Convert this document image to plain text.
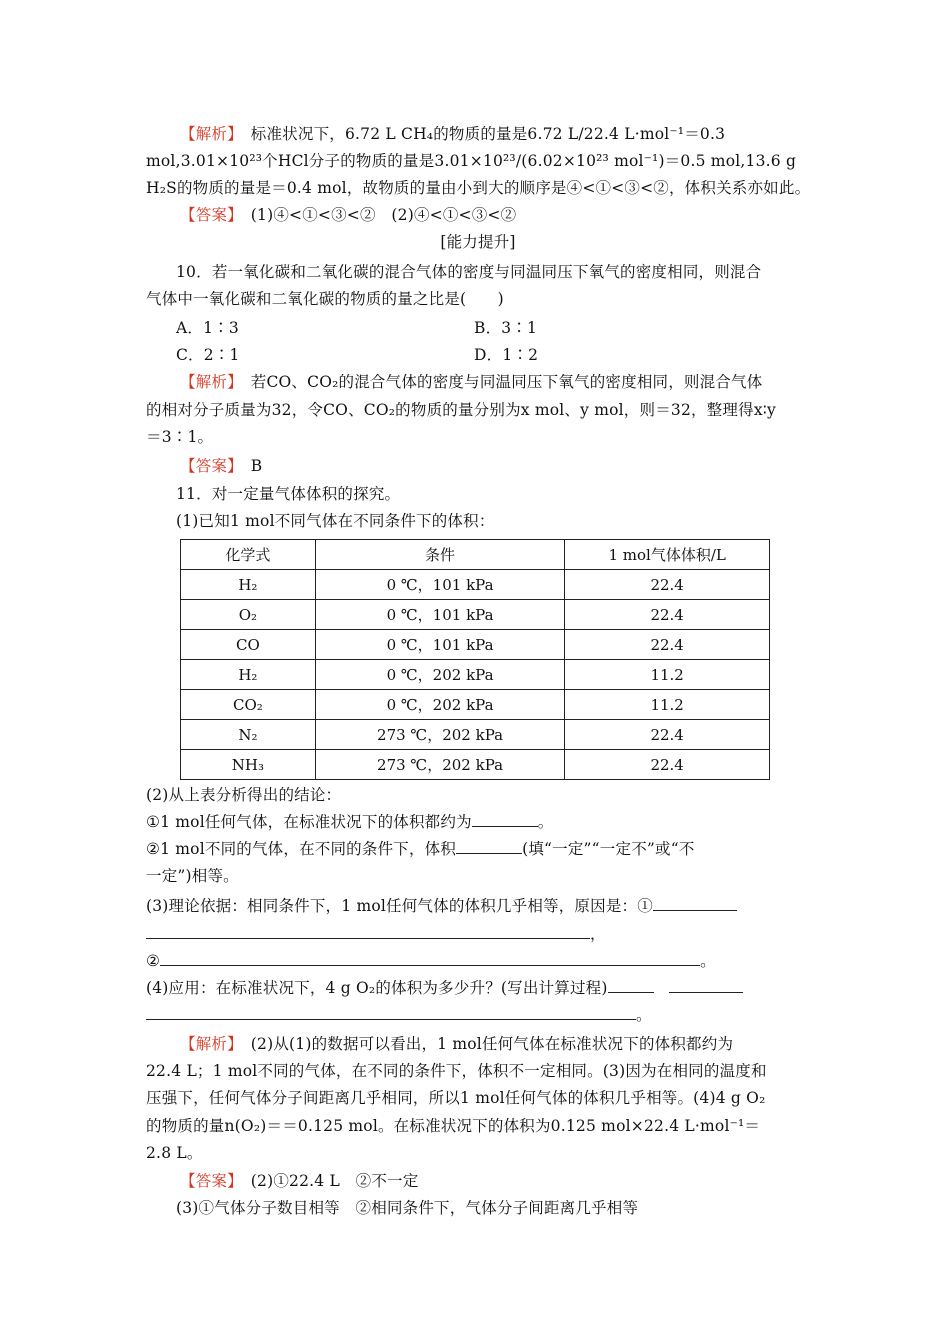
【解析】　 标准状况下，6.72 L CH₄的物质的量是6.72 L/22.4 L·mol⁻¹＝0.3
mol,3.01×10²³个HCl分子的物质的量是3.01×10²³/(6.02×10²³ mol⁻¹)＝0.5 mol,13.6 g
H₂S的物质的量是＝0.4 mol，故物质的量由小到大的顺序是④<①<③<②，体积关系亦如此。
【答案】　 (1)④<①<③<②　(2)④<①<③<②
[能力提升]
10．若一氧化碳和二氧化碳的混合气体的密度与同温同压下氧气的密度相同，则混合
气体中一氧化碳和二氧化碳的物质的量之比是(　　)
A．1∶3	B．3∶1
C．2∶1	D．1∶2
【解析】　 若CO、CO₂的混合气体的密度与同温同压下氧气的密度相同，则混合气体
的相对分子质量为32，令CO、CO₂的物质的量分别为x mol、y mol，则＝32，整理得x∶y
＝3∶1。
【答案】　 B
11．对一定量气体体积的探究。
(1)已知1 mol不同气体在不同条件下的体积：
化学式	条件	1 mol气体体积/L
H₂	0 ℃，101 kPa	22.4
O₂	0 ℃，101 kPa	22.4
CO	0 ℃，101 kPa	22.4
H₂	0 ℃，202 kPa	11.2
CO₂	0 ℃，202 kPa	11.2
N₂	273 ℃，202 kPa	22.4
NH₃	273 ℃，202 kPa	22.4
(2)从上表分析得出的结论：
①1 mol任何气体，在标准状况下的体积都约为	。
②1 mol不同的气体，在不同的条件下，体积	(填“一定”“一定不”或“不
一定”)相等。
(3)理论依据：相同条件下，1 mol任何气体的体积几乎相等，原因是：①
，
②	。
(4)应用：在标准状况下，4 g O₂的体积为多少升？(写出计算过程)　
。
【解析】　 (2)从(1)的数据可以看出，1 mol任何气体在标准状况下的体积都约为
22.4 L；1 mol不同的气体，在不同的条件下，体积不一定相同。(3)因为在相同的温度和
压强下，任何气体分子间距离几乎相同，所以1 mol任何气体的体积几乎相等。(4)4 g O₂
的物质的量n(O₂)＝＝0.125 mol。在标准状况下的体积为0.125 mol×22.4 L·mol⁻¹＝
2.8 L。
【答案】　 (2)①22.4 L　②不一定
(3)①气体分子数目相等　②相同条件下，气体分子间距离几乎相等
